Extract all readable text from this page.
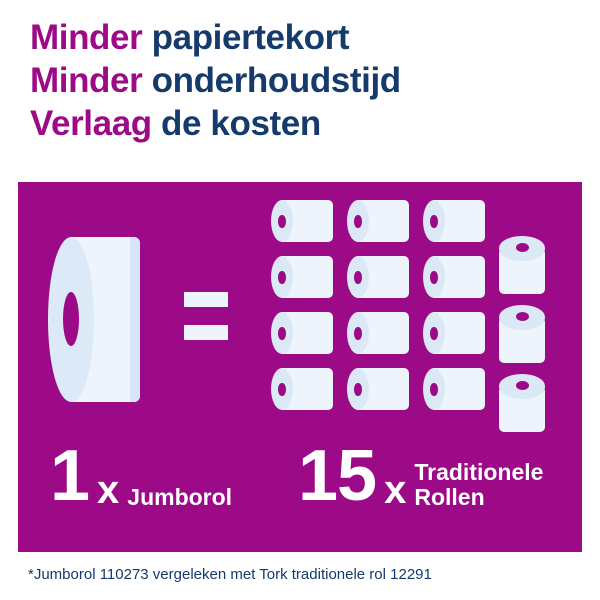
Minder papiertekort
Minder onderhoudstijd
Verlaag de kosten
1 x Jumborol 15 x Traditionele
Rollen
*Jumborol 110273 vergeleken met Tork traditionele rol 12291
